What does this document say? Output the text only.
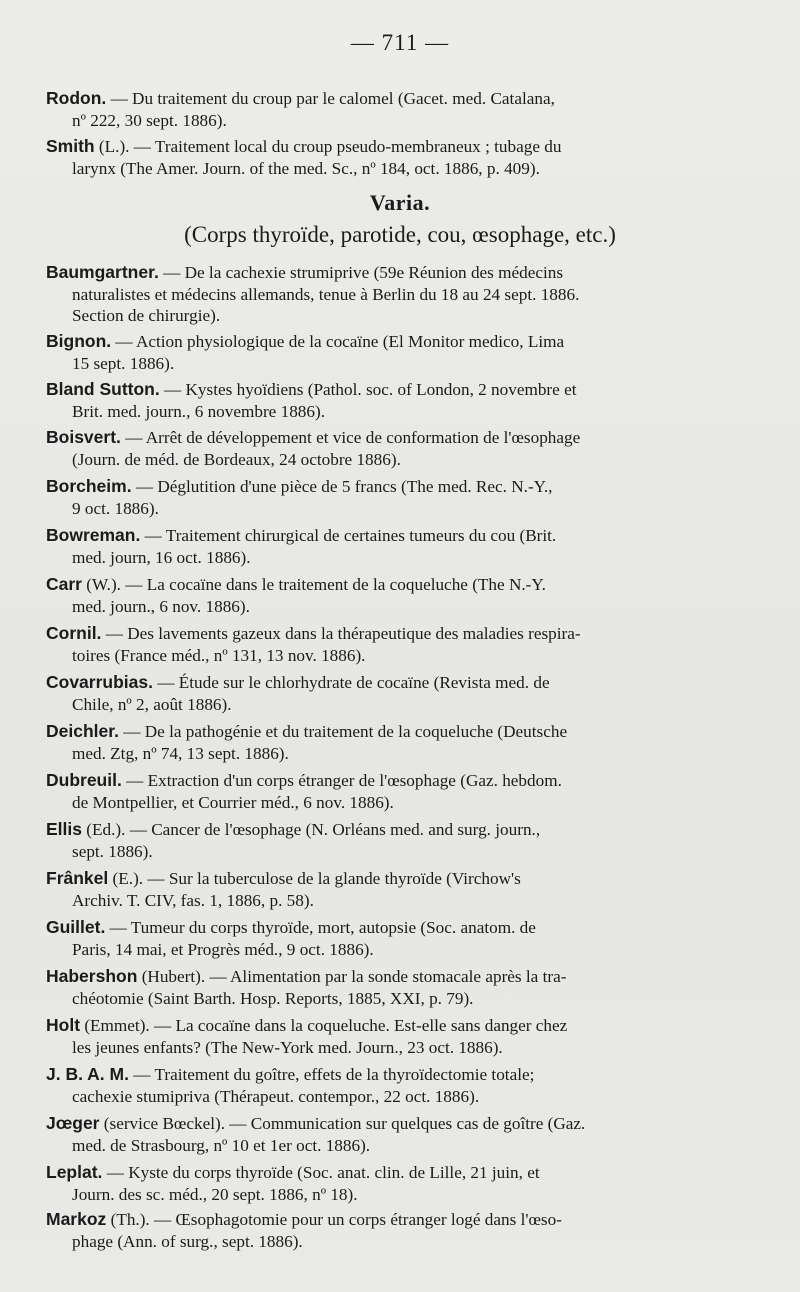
— 711 —
Rodon. — Du traitement du croup par le calomel (Gacet. med. Catalana,
nº 222, 30 sept. 1886).
Smith (L.). — Traitement local du croup pseudo-membraneux ; tubage du
larynx (The Amer. Journ. of the med. Sc., nº 184, oct. 1886, p. 409).
Varia.
(Corps thyroïde, parotide, cou, œsophage, etc.)
Baumgartner. — De la cachexie strumiprive (59e Réunion des médecins
naturalistes et médecins allemands, tenue à Berlin du 18 au 24 sept. 1886.
Section de chirurgie).
Bignon. — Action physiologique de la cocaïne (El Monitor medico, Lima
15 sept. 1886).
Bland Sutton. — Kystes hyoïdiens (Pathol. soc. of London, 2 novembre et
Brit. med. journ., 6 novembre 1886).
Boisvert. — Arrêt de développement et vice de conformation de l'œsophage
(Journ. de méd. de Bordeaux, 24 octobre 1886).
Borcheim. — Déglutition d'une pièce de 5 francs (The med. Rec. N.-Y.,
9 oct. 1886).
Bowreman. — Traitement chirurgical de certaines tumeurs du cou (Brit.
med. journ, 16 oct. 1886).
Carr (W.). — La cocaïne dans le traitement de la coqueluche (The N.-Y.
med. journ., 6 nov. 1886).
Cornil. — Des lavements gazeux dans la thérapeutique des maladies respira-
toires (France méd., nº 131, 13 nov. 1886).
Covarrubias. — Étude sur le chlorhydrate de cocaïne (Revista med. de
Chile, nº 2, août 1886).
Deichler. — De la pathogénie et du traitement de la coqueluche (Deutsche
med. Ztg, nº 74, 13 sept. 1886).
Dubreuil. — Extraction d'un corps étranger de l'œsophage (Gaz. hebdom.
de Montpellier, et Courrier méd., 6 nov. 1886).
Ellis (Ed.). — Cancer de l'œsophage (N. Orléans med. and surg. journ.,
sept. 1886).
Frânkel (E.). — Sur la tuberculose de la glande thyroïde (Virchow's
Archiv. T. CIV, fas. 1, 1886, p. 58).
Guillet. — Tumeur du corps thyroïde, mort, autopsie (Soc. anatom. de
Paris, 14 mai, et Progrès méd., 9 oct. 1886).
Habershon (Hubert). — Alimentation par la sonde stomacale après la tra-
chéotomie (Saint Barth. Hosp. Reports, 1885, XXI, p. 79).
Holt (Emmet). — La cocaïne dans la coqueluche. Est-elle sans danger chez
les jeunes enfants? (The New-York med. Journ., 23 oct. 1886).
J. B. A. M. — Traitement du goître, effets de la thyroïdectomie totale;
cachexie stumipriva (Thérapeut. contempor., 22 oct. 1886).
Jœger (service Bœckel). — Communication sur quelques cas de goître (Gaz.
med. de Strasbourg, nº 10 et 1er oct. 1886).
Leplat. — Kyste du corps thyroïde (Soc. anat. clin. de Lille, 21 juin, et
Journ. des sc. méd., 20 sept. 1886, nº 18).
Markoz (Th.). — Œsophagotomie pour un corps étranger logé dans l'œso-
phage (Ann. of surg., sept. 1886).
